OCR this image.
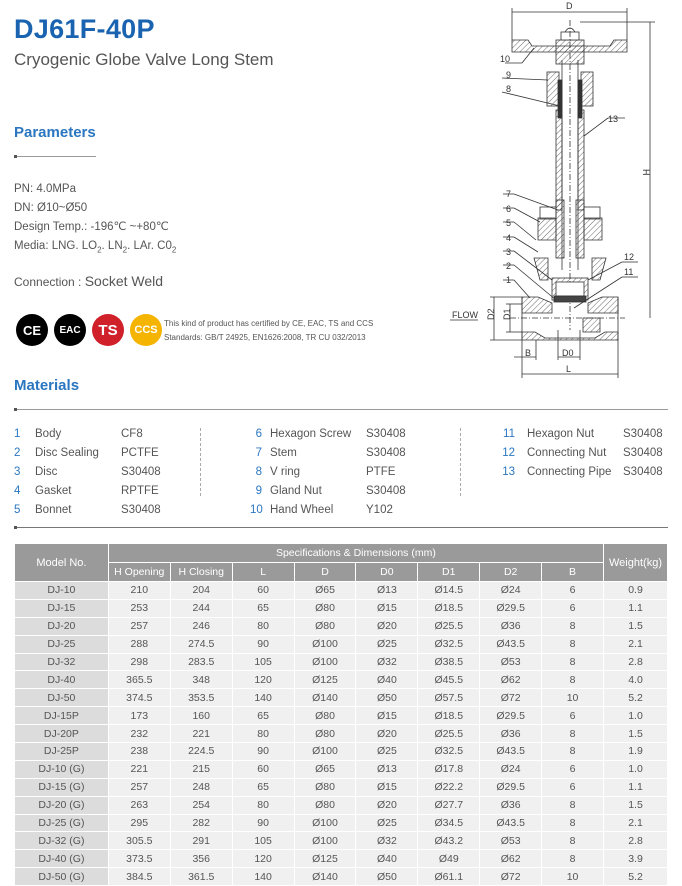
DJ61F-40P
Cryogenic Globe Valve Long Stem
Parameters
PN: 4.0MPa
DN: Ø10~Ø50
Design Temp.: -196℃ ~+80℃
Media: LNG. $LO_2$. $LN_2$. LAr. $C0_2$
Connection : Socket Weld
CE	EAC	TS	CCS
This kind of product has certified by CE, EAC, TS and CCS
Standards: GB/T 24925, EN1626:2008, TR CU 032/2013
Materials
1 Body	CF8
2 Disc Sealing	PCTFE
3 Disc	S30408
4 Gasket	RPTFE
5 Bonnet	S30408
6 Hexagon Screw	S30408
7 Stem	S30408
8 V ring	PTFE
9 Gland Nut	S30408
10 Hand Wheel	Y102
11 Hexagon Nut	S30408
12 Connecting Nut	S30408
13 Connecting Pipe	S30408
Model No.	Specifications & Dimensions (mm)								Weight(kg)
	H Opening	H Closing	L	D	D0	D1	D2	B	
DJ-10	210	204	60	Ø65	Ø13	Ø14.5	Ø24	6	0.9
DJ-15	253	244	65	Ø80	Ø15	Ø18.5	Ø29.5	6	1.1
DJ-20	257	246	80	Ø80	Ø20	Ø25.5	Ø36	8	1.5
DJ-25	288	274.5	90	Ø100	Ø25	Ø32.5	Ø43.5	8	2.1
DJ-32	298	283.5	105	Ø100	Ø32	Ø38.5	Ø53	8	2.8
DJ-40	365.5	348	120	Ø125	Ø40	Ø45.5	Ø62	8	4.0
DJ-50	374.5	353.5	140	Ø140	Ø50	Ø57.5	Ø72	10	5.2
DJ-15P	173	160	65	Ø80	Ø15	Ø18.5	Ø29.5	6	1.0
DJ-20P	232	221	80	Ø80	Ø20	Ø25.5	Ø36	8	1.5
DJ-25P	238	224.5	90	Ø100	Ø25	Ø32.5	Ø43.5	8	1.9
DJ-10 (G)	221	215	60	Ø65	Ø13	Ø17.8	Ø24	6	1.0
DJ-15 (G)	257	248	65	Ø80	Ø15	Ø22.2	Ø29.5	6	1.1
DJ-20 (G)	263	254	80	Ø80	Ø20	Ø27.7	Ø36	8	1.5
DJ-25 (G)	295	282	90	Ø100	Ø25	Ø34.5	Ø43.5	8	2.1
DJ-32 (G)	305.5	291	105	Ø100	Ø32	Ø43.2	Ø53	8	2.8
DJ-40 (G)	373.5	356	120	Ø125	Ø40	Ø49	Ø62	8	3.9
DJ-50 (G)	384.5	361.5	140	Ø140	Ø50	Ø61.1	Ø72	10	5.2
D
10
9
8
13
7
6
5
4
3
2
1
12
11
FLOW
H
D2 D1
B	D0
L
